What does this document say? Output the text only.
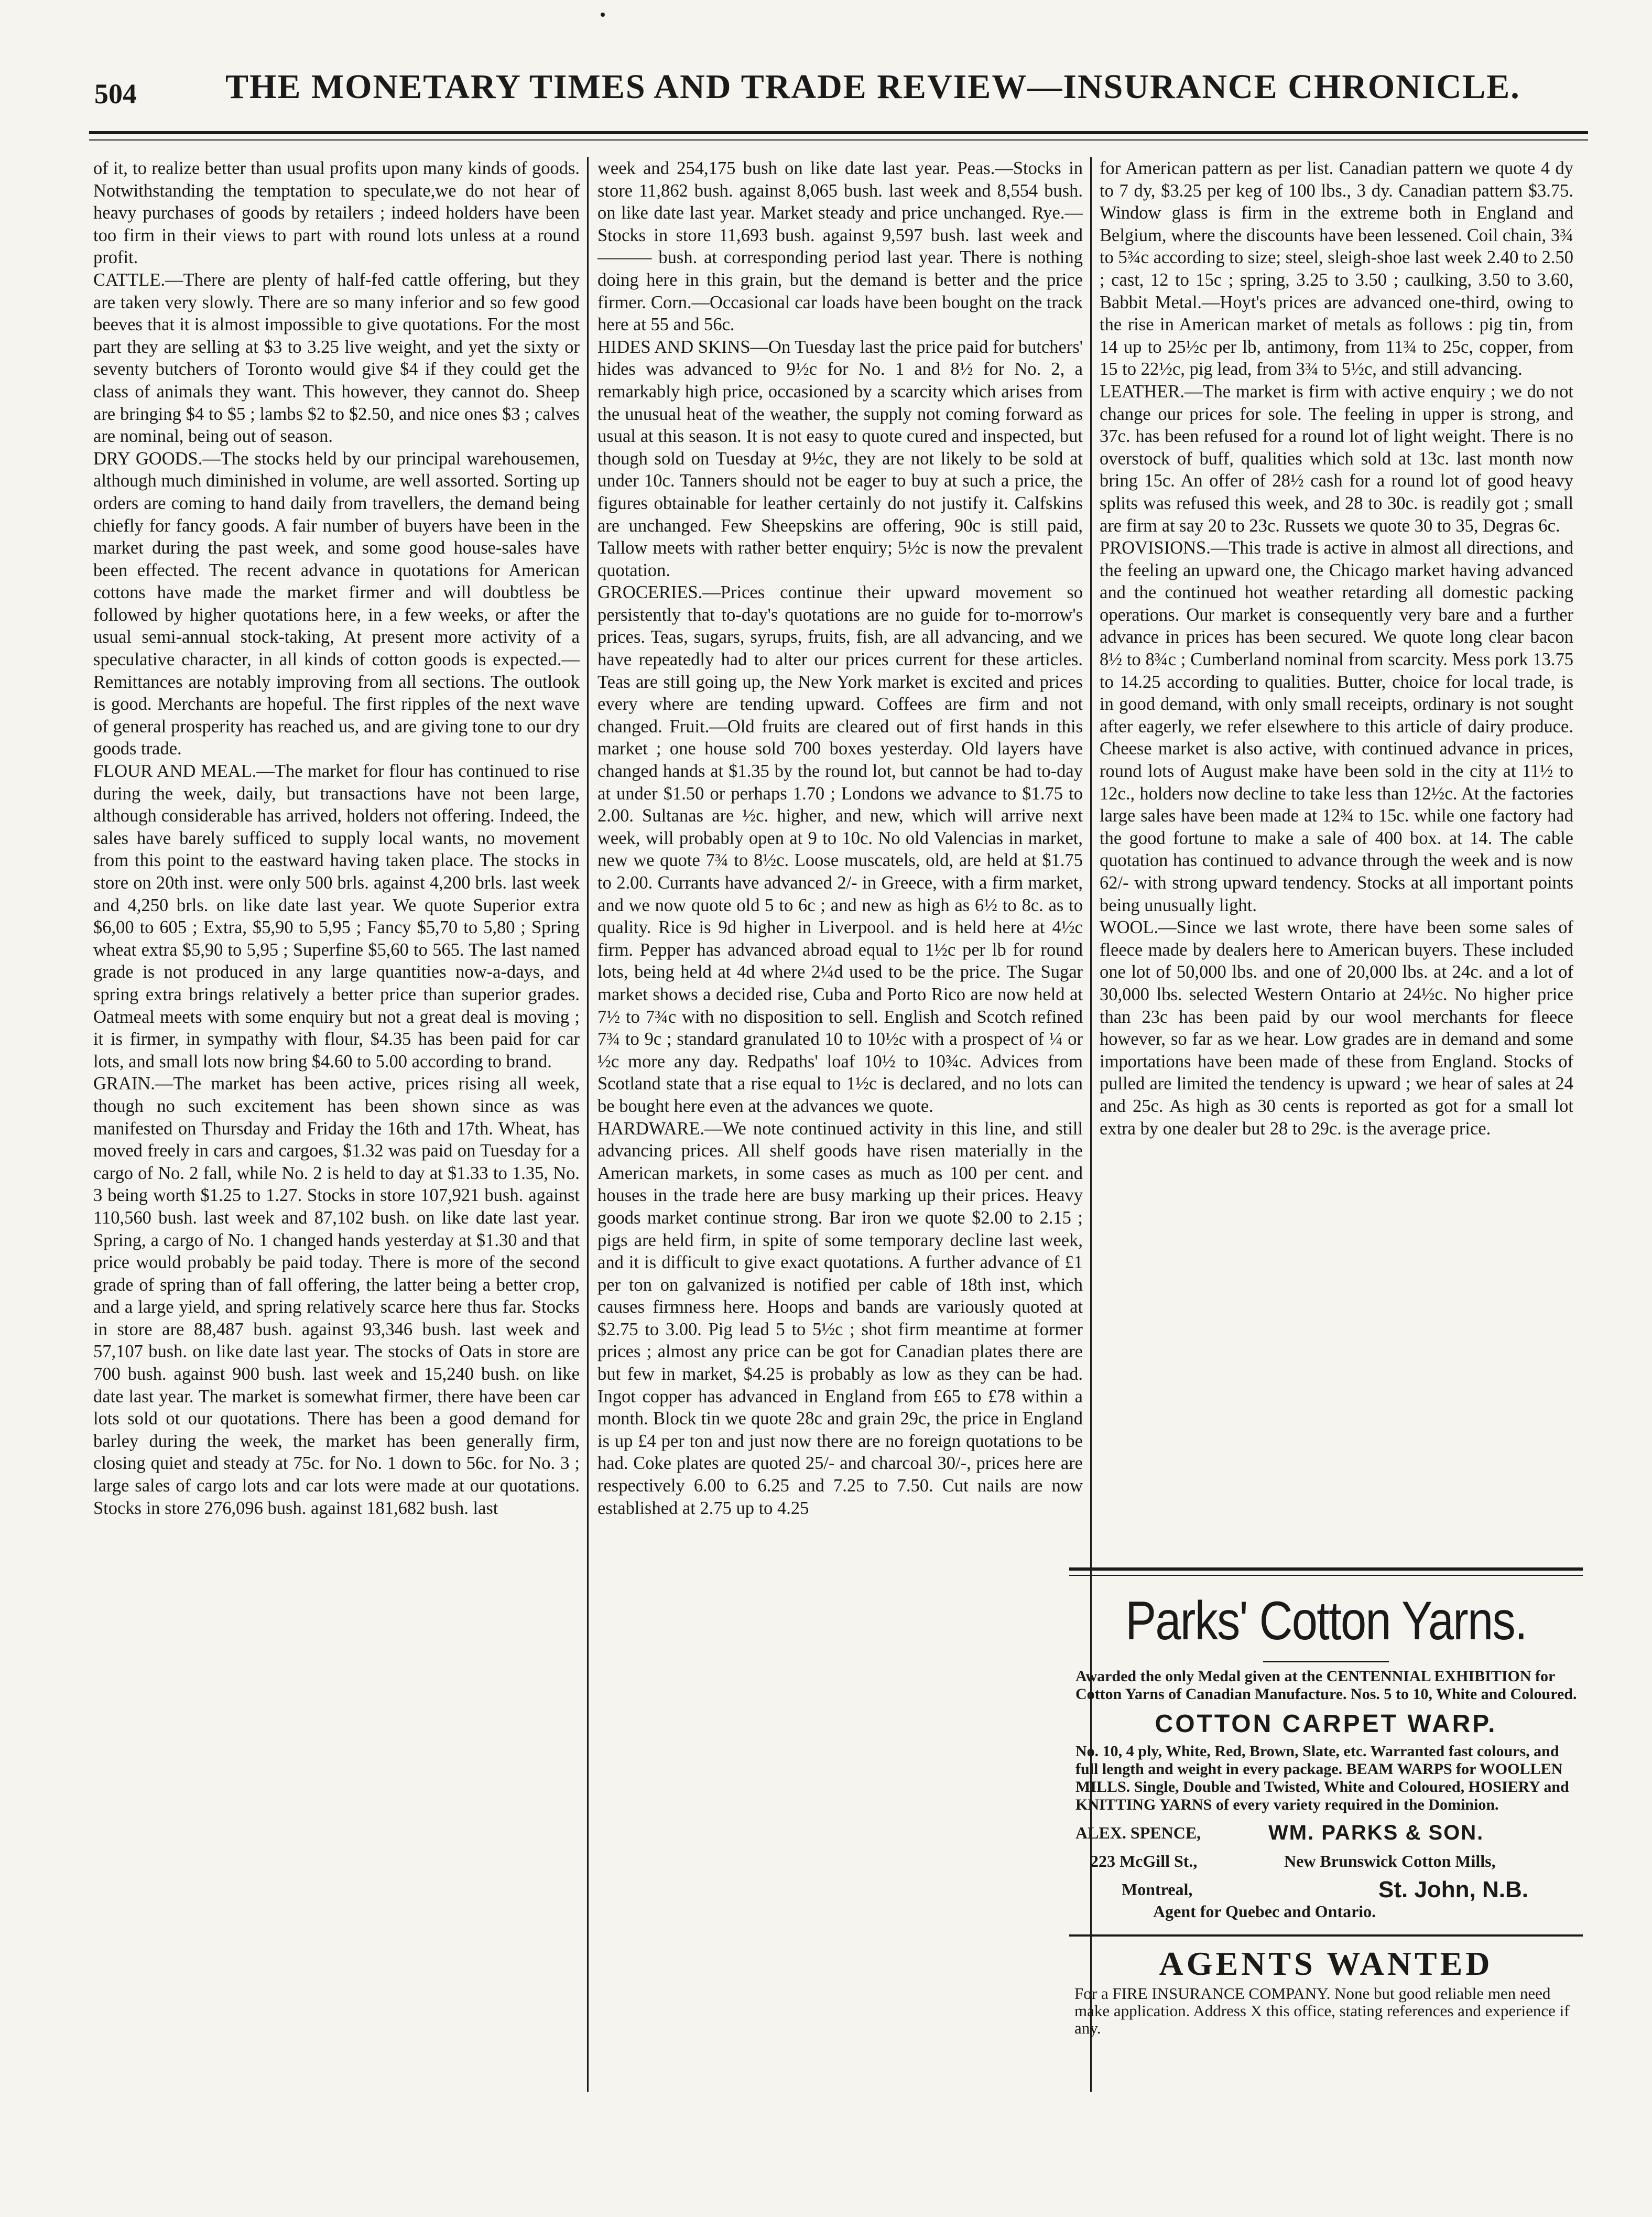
504	THE MONETARY TIMES AND TRADE REVIEW—INSURANCE CHRONICLE.

of it, to realize better than usual profits upon many kinds of goods. Notwithstanding the temptation to speculate,we do not hear of heavy purchases of goods by retailers ; indeed holders have been too firm in their views to part with round lots unless at a round profit.

CATTLE.—There are plenty of half-fed cattle offering, but they are taken very slowly. There are so many inferior and so few good beeves that it is almost impossible to give quotations. For the most part they are selling at $3 to 3.25 live weight, and yet the sixty or seventy butchers of Toronto would give $4 if they could get the class of animals they want. This however, they cannot do. Sheep are bringing $4 to $5 ; lambs $2 to $2.50, and nice ones $3 ; calves are nominal, being out of season.

DRY GOODS.—The stocks held by our principal warehousemen, although much diminished in volume, are well assorted. Sorting up orders are coming to hand daily from travellers, the demand being chiefly for fancy goods. A fair number of buyers have been in the market during the past week, and some good house-sales have been effected. The recent advance in quotations for American cottons have made the market firmer and will doubtless be followed by higher quotations here, in a few weeks, or after the usual semi-annual stock-taking, At present more activity of a speculative character, in all kinds of cotton goods is expected.—Remittances are notably improving from all sections. The outlook is good. Merchants are hopeful. The first ripples of the next wave of general prosperity has reached us, and are giving tone to our dry goods trade.

FLOUR AND MEAL.—The market for flour has continued to rise during the week, daily, but transactions have not been large, although considerable has arrived, holders not offering. Indeed, the sales have barely sufficed to supply local wants, no movement from this point to the eastward having taken place. The stocks in store on 20th inst. were only 500 brls. against 4,200 brls. last week and 4,250 brls. on like date last year. We quote Superior extra $6,00 to 605 ; Extra, $5,90 to 5,95 ; Fancy $5,70 to 5,80 ; Spring wheat extra $5,90 to 5,95 ; Superfine $5,60 to 565. The last named grade is not produced in any large quantities now-a-days, and spring extra brings relatively a better price than superior grades. Oatmeal meets with some enquiry but not a great deal is moving ; it is firmer, in sympathy with flour, $4.35 has been paid for car lots, and small lots now bring $4.60 to 5.00 according to brand.

GRAIN.—The market has been active, prices rising all week, though no such excitement has been shown since as was manifested on Thursday and Friday the 16th and 17th. Wheat, has moved freely in cars and cargoes, $1.32 was paid on Tuesday for a cargo of No. 2 fall, while No. 2 is held to day at $1.33 to 1.35, No. 3 being worth $1.25 to 1.27. Stocks in store 107,921 bush. against 110,560 bush. last week and 87,102 bush. on like date last year. Spring, a cargo of No. 1 changed hands yesterday at $1.30 and that price would probably be paid today. There is more of the second grade of spring than of fall offering, the latter being a better crop, and a large yield, and spring relatively scarce here thus far. Stocks in store are 88,487 bush. against 93,346 bush. last week and 57,107 bush. on like date last year. The stocks of Oats in store are 700 bush. against 900 bush. last week and 15,240 bush. on like date last year. The market is somewhat firmer, there have been car lots sold ot our quotations. There has been a good demand for barley during the week, the market has been generally firm, closing quiet and steady at 75c. for No. 1 down to 56c. for No. 3 ; large sales of cargo lots and car lots were made at our quotations. Stocks in store 276,096 bush. against 181,682 bush. last

week and 254,175 bush on like date last year. Peas.—Stocks in store 11,862 bush. against 8,065 bush. last week and 8,554 bush. on like date last year. Market steady and price unchanged. Rye.—Stocks in store 11,693 bush. against 9,597 bush. last week and ——— bush. at corresponding period last year. There is nothing doing here in this grain, but the demand is better and the price firmer. Corn.—Occasional car loads have been bought on the track here at 55 and 56c.

HIDES AND SKINS—On Tuesday last the price paid for butchers' hides was advanced to 9½c for No. 1 and 8½ for No. 2, a remarkably high price, occasioned by a scarcity which arises from the unusual heat of the weather, the supply not coming forward as usual at this season. It is not easy to quote cured and inspected, but though sold on Tuesday at 9½c, they are not likely to be sold at under 10c. Tanners should not be eager to buy at such a price, the figures obtainable for leather certainly do not justify it. Calfskins are unchanged. Few Sheepskins are offering, 90c is still paid, Tallow meets with rather better enquiry; 5½c is now the prevalent quotation.

GROCERIES.—Prices continue their upward movement so persistently that to-day's quotations are no guide for to-morrow's prices. Teas, sugars, syrups, fruits, fish, are all advancing, and we have repeatedly had to alter our prices current for these articles. Teas are still going up, the New York market is excited and prices every where are tending upward. Coffees are firm and not changed. Fruit.—Old fruits are cleared out of first hands in this market ; one house sold 700 boxes yesterday. Old layers have changed hands at $1.35 by the round lot, but cannot be had to-day at under $1.50 or perhaps 1.70 ; Londons we advance to $1.75 to 2.00. Sultanas are ½c. higher, and new, which will arrive next week, will probably open at 9 to 10c. No old Valencias in market, new we quote 7¾ to 8½c. Loose muscatels, old, are held at $1.75 to 2.00. Currants have advanced 2/- in Greece, with a firm market, and we now quote old 5 to 6c ; and new as high as 6½ to 8c. as to quality. Rice is 9d higher in Liverpool. and is held here at 4½c firm. Pepper has advanced abroad equal to 1½c per lb for round lots, being held at 4d where 2¼d used to be the price. The Sugar market shows a decided rise, Cuba and Porto Rico are now held at 7½ to 7¾c with no disposition to sell. English and Scotch refined 7¾ to 9c ; standard granulated 10 to 10½c with a prospect of ¼ or ½c more any day. Redpaths' loaf 10½ to 10¾c. Advices from Scotland state that a rise equal to 1½c is declared, and no lots can be bought here even at the advances we quote.

HARDWARE.—We note continued activity in this line, and still advancing prices. All shelf goods have risen materially in the American markets, in some cases as much as 100 per cent. and houses in the trade here are busy marking up their prices. Heavy goods market continue strong. Bar iron we quote $2.00 to 2.15 ; pigs are held firm, in spite of some temporary decline last week, and it is difficult to give exact quotations. A further advance of £1 per ton on galvanized is notified per cable of 18th inst, which causes firmness here. Hoops and bands are variously quoted at $2.75 to 3.00. Pig lead 5 to 5½c ; shot firm meantime at former prices ; almost any price can be got for Canadian plates there are but few in market, $4.25 is probably as low as they can be had. Ingot copper has advanced in England from £65 to £78 within a month. Block tin we quote 28c and grain 29c, the price in England is up £4 per ton and just now there are no foreign quotations to be had. Coke plates are quoted 25/- and charcoal 30/-, prices here are respectively 6.00 to 6.25 and 7.25 to 7.50. Cut nails are now established at 2.75 up to 4.25

for American pattern as per list. Canadian pattern we quote 4 dy to 7 dy, $3.25 per keg of 100 lbs., 3 dy. Canadian pattern $3.75. Window glass is firm in the extreme both in England and Belgium, where the discounts have been lessened. Coil chain, 3¾ to 5¾c according to size; steel, sleigh-shoe last week 2.40 to 2.50 ; cast, 12 to 15c ; spring, 3.25 to 3.50 ; caulking, 3.50 to 3.60, Babbit Metal.—Hoyt's prices are advanced one-third, owing to the rise in American market of metals as follows : pig tin, from 14 up to 25½c per lb, antimony, from 11¾ to 25c, copper, from 15 to 22½c, pig lead, from 3¾ to 5½c, and still advancing.

LEATHER.—The market is firm with active enquiry ; we do not change our prices for sole. The feeling in upper is strong, and 37c. has been refused for a round lot of light weight. There is no overstock of buff, qualities which sold at 13c. last month now bring 15c. An offer of 28½ cash for a round lot of good heavy splits was refused this week, and 28 to 30c. is readily got ; small are firm at say 20 to 23c. Russets we quote 30 to 35, Degras 6c.

PROVISIONS.—This trade is active in almost all directions, and the feeling an upward one, the Chicago market having advanced and the continued hot weather retarding all domestic packing operations. Our market is consequently very bare and a further advance in prices has been secured. We quote long clear bacon 8½ to 8¾c ; Cumberland nominal from scarcity. Mess pork 13.75 to 14.25 according to qualities. Butter, choice for local trade, is in good demand, with only small receipts, ordinary is not sought after eagerly, we refer elsewhere to this article of dairy produce. Cheese market is also active, with continued advance in prices, round lots of August make have been sold in the city at 11½ to 12c., holders now decline to take less than 12½c. At the factories large sales have been made at 12¾ to 15c. while one factory had the good fortune to make a sale of 400 box. at 14. The cable quotation has continued to advance through the week and is now 62/- with strong upward tendency. Stocks at all important points being unusually light.

WOOL.—Since we last wrote, there have been some sales of fleece made by dealers here to American buyers. These included one lot of 50,000 lbs. and one of 20,000 lbs. at 24c. and a lot of 30,000 lbs. selected Western Ontario at 24½c. No higher price than 23c has been paid by our wool merchants for fleece however, so far as we hear. Low grades are in demand and some importations have been made of these from England. Stocks of pulled are limited the tendency is upward ; we hear of sales at 24 and 25c. As high as 30 cents is reported as got for a small lot extra by one dealer but 28 to 29c. is the average price.

Parks' Cotton Yarns.
Awarded the only Medal given at the CENTENNIAL EXHIBITION for Cotton Yarns of Canadian Manufacture. Nos. 5 to 10, White and Coloured.
COTTON CARPET WARP.
No. 10, 4 ply, White, Red, Brown, Slate, etc. Warranted fast colours, and full length and weight in every package. BEAM WARPS for WOOLLEN MILLS. Single, Double and Twisted, White and Coloured, HOSIERY and KNITTING YARNS of every variety required in the Dominion.
ALEX. SPENCE,	WM. PARKS & SON.
223 McGill St.,	New Brunswick Cotton Mills,
Montreal,	St. John, N.B.
Agent for Quebec and Ontario.
AGENTS WANTED
For a FIRE INSURANCE COMPANY. None but good reliable men need make application. Address X this office, stating references and experience if any.
